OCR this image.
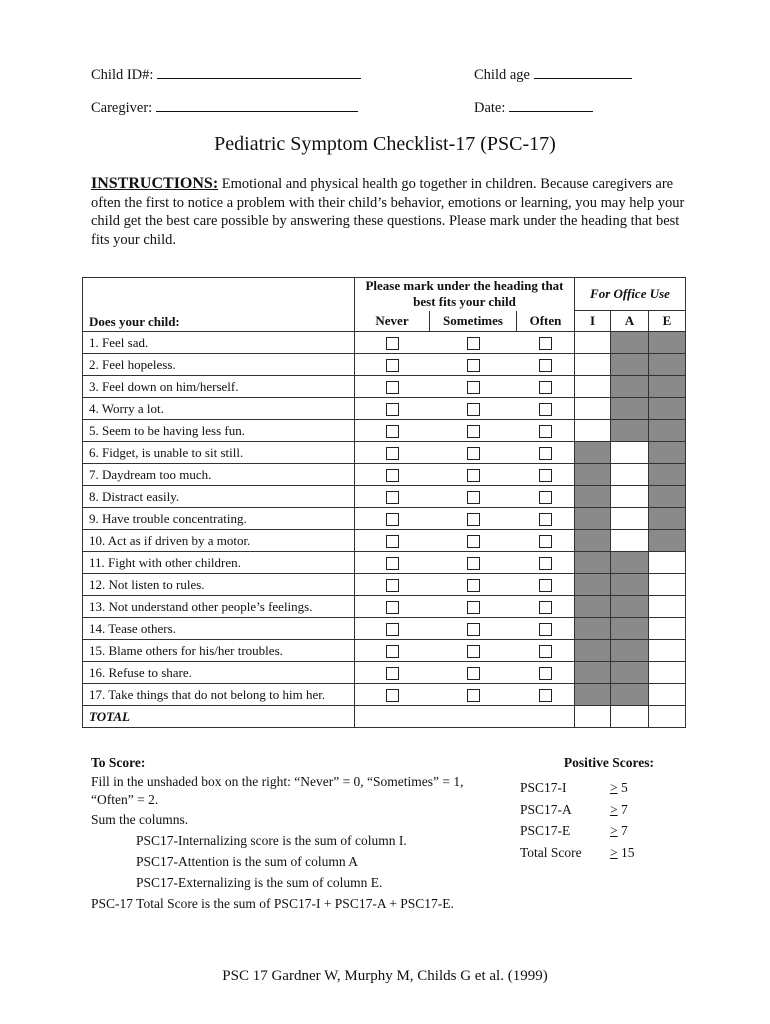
Child ID#:	Child age
Caregiver:	Date:
Pediatric Symptom Checklist-17 (PSC-17)
INSTRUCTIONS: Emotional and physical health go together in children. Because caregivers are often the first to notice a problem with their child’s behavior, emotions or learning, you may help your child get the best care possible by answering these questions. Please mark under the heading that best fits your child.
Does your child:	Please mark under the heading that best fits your child			For Office Use		
	Never	Sometimes	Often	I	A	E
1. Feel sad.						
2. Feel hopeless.						
3. Feel down on him/herself.						
4. Worry a lot.						
5. Seem to be having less fun.						
6. Fidget, is unable to sit still.						
7. Daydream too much.						
8. Distract easily.						
9. Have trouble concentrating.						
10. Act as if driven by a motor.						
11. Fight with other children.						
12. Not listen to rules.						
13. Not understand other people’s feelings.						
14. Tease others.						
15. Blame others for his/her troubles.						
16. Refuse to share.						
17. Take things that do not belong to him her.						
TOTAL						
To Score:
Fill in the unshaded box on the right: “Never” = 0, “Sometimes” = 1,
“Often” = 2.
Sum the columns.
PSC17-Internalizing score is the sum of column I.
PSC17-Attention is the sum of column A
PSC17-Externalizing is the sum of column E.
PSC-17 Total Score is the sum of PSC17-I + PSC17-A + PSC17-E.
Positive Scores:
PSC17-I	≥ 5
PSC17-A	≥ 7
PSC17-E	≥ 7
Total Score	≥ 15
PSC 17 Gardner W, Murphy M, Childs G et al. (1999)
